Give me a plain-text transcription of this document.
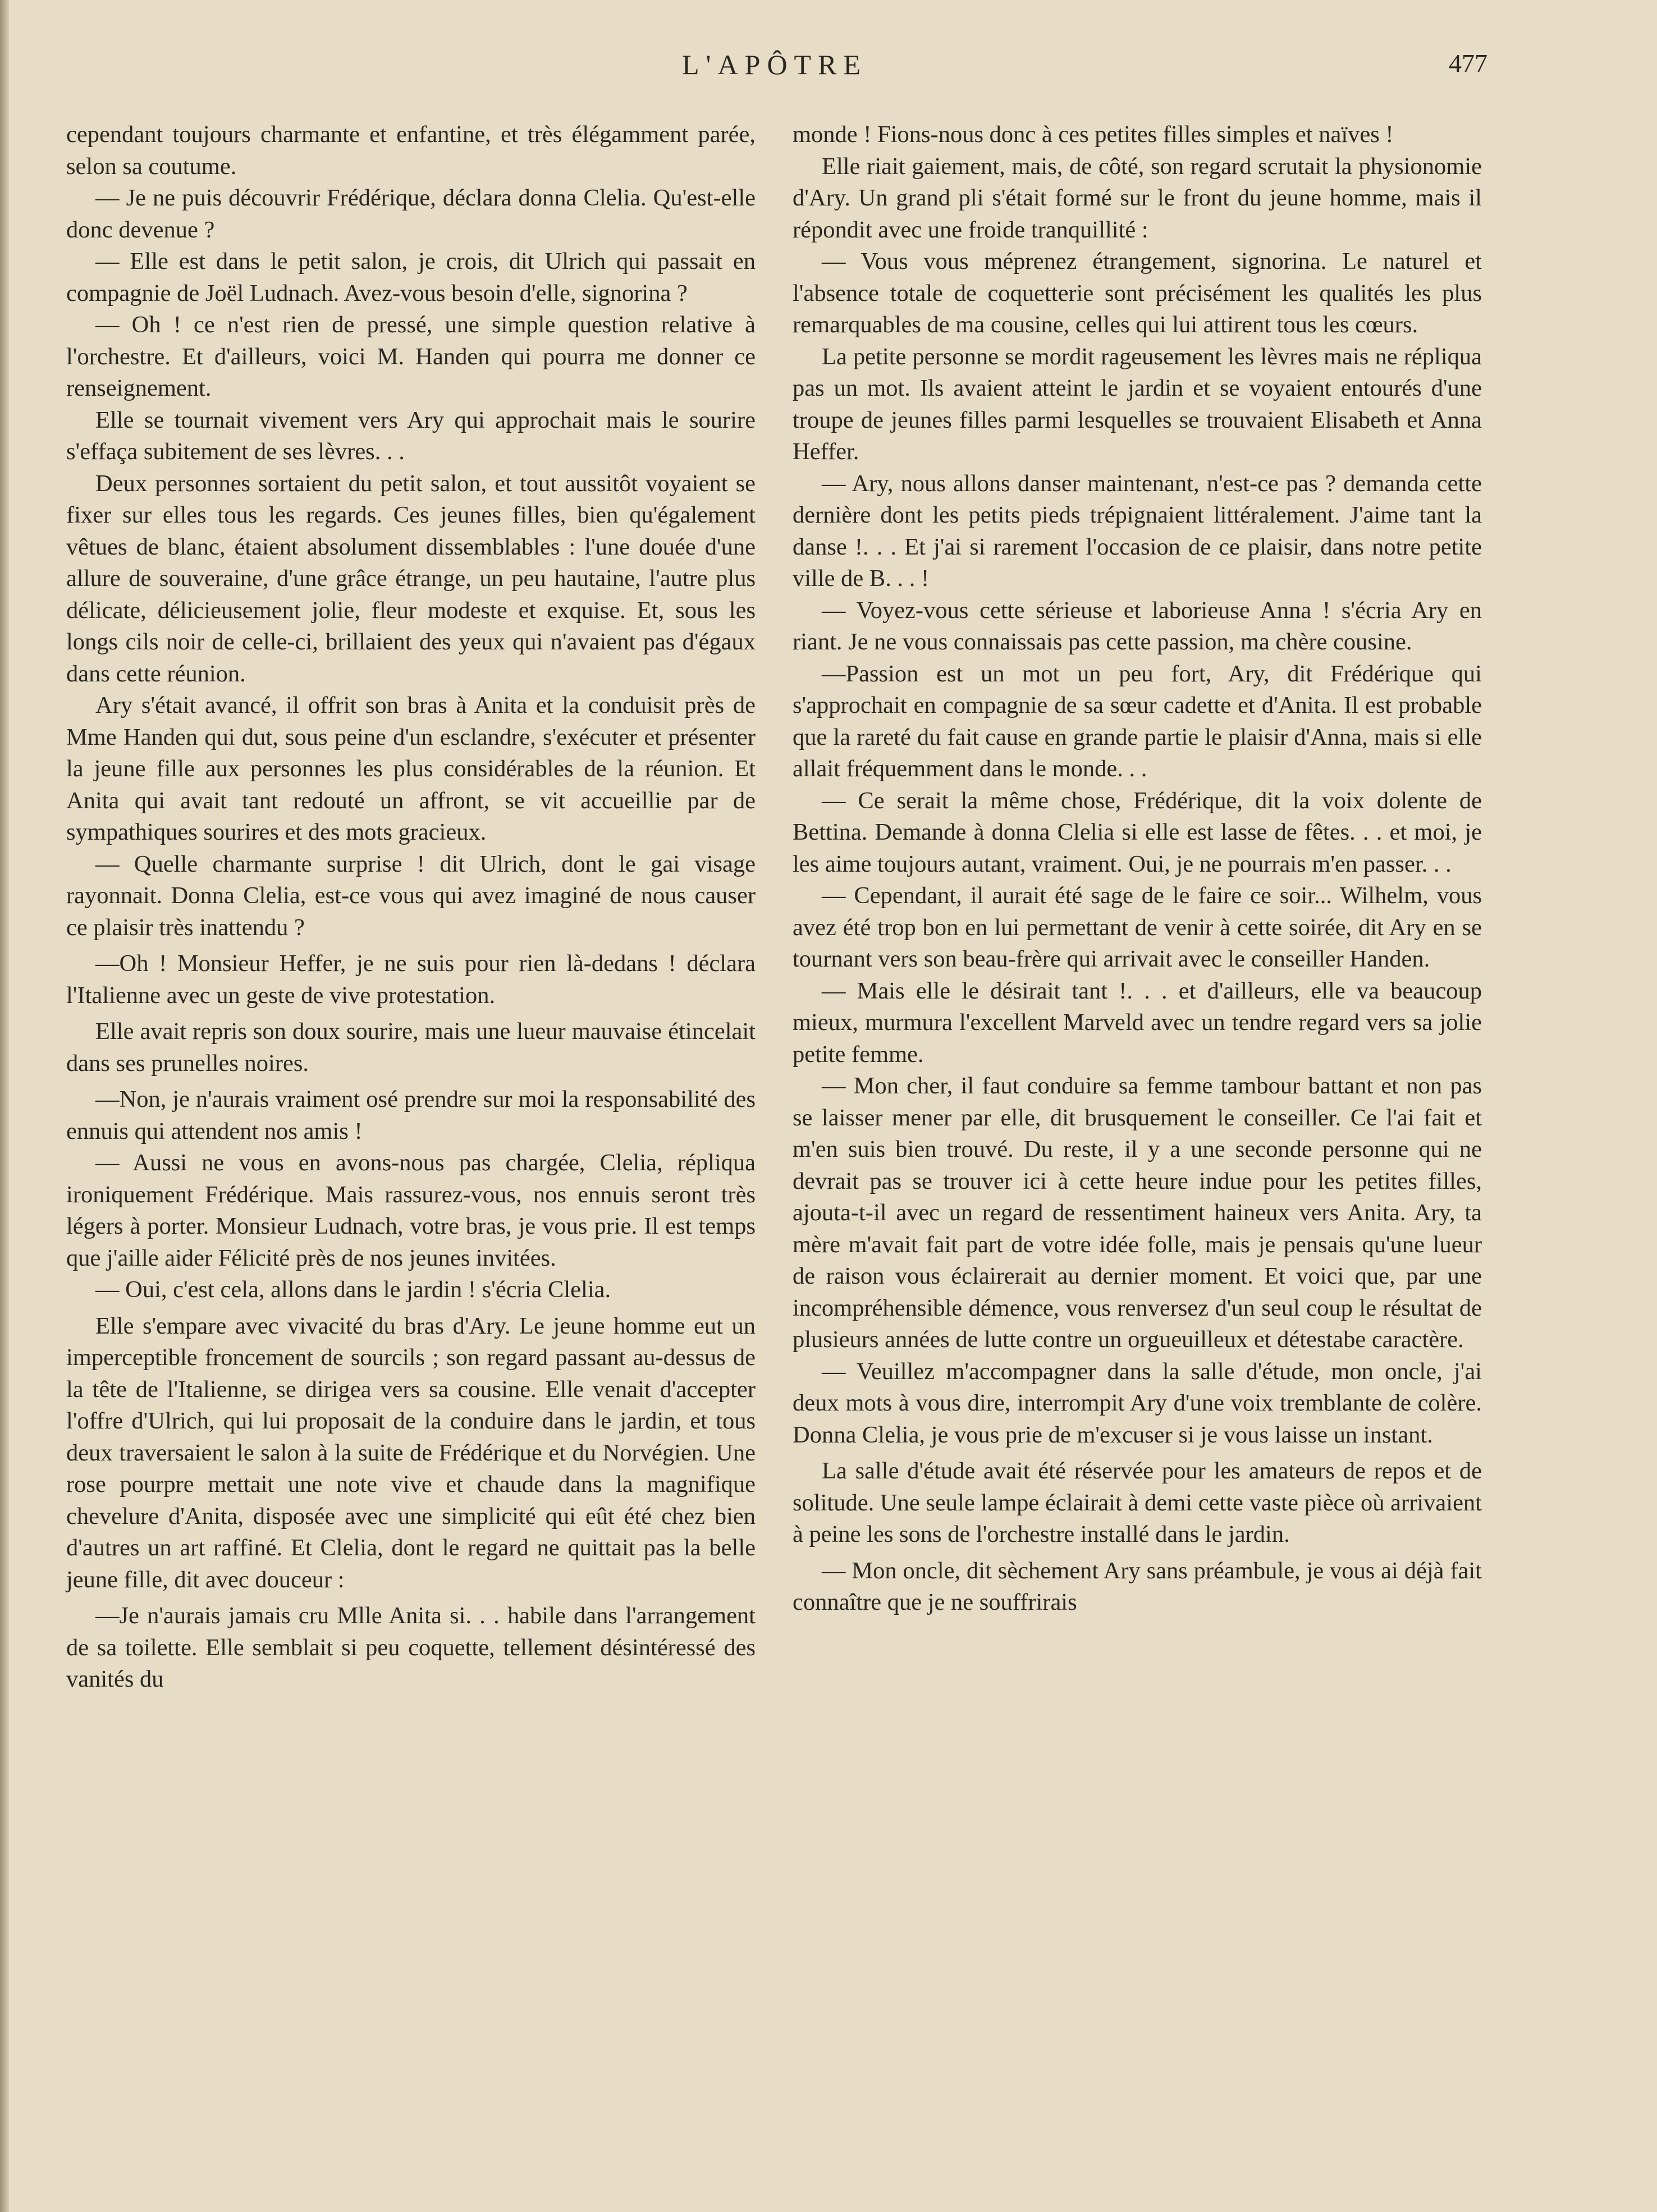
L'APÔTRE	477

cependant toujours charmante et enfantine, et très élégamment parée, selon sa coutume.

— Je ne puis découvrir Frédérique, déclara donna Clelia. Qu'est-elle donc devenue ?

— Elle est dans le petit salon, je crois, dit Ulrich qui passait en compagnie de Joël Ludnach. Avez-vous besoin d'elle, signorina ?

— Oh ! ce n'est rien de pressé, une simple question relative à l'orchestre. Et d'ailleurs, voici M. Handen qui pourra me donner ce renseignement.

Elle se tournait vivement vers Ary qui approchait mais le sourire s'effaça subitement de ses lèvres. . .

Deux personnes sortaient du petit salon, et tout aussitôt voyaient se fixer sur elles tous les regards. Ces jeunes filles, bien qu'également vêtues de blanc, étaient absolument dissemblables : l'une douée d'une allure de souveraine, d'une grâce étrange, un peu hautaine, l'autre plus délicate, délicieusement jolie, fleur modeste et exquise. Et, sous les longs cils noir de celle-ci, brillaient des yeux qui n'avaient pas d'égaux dans cette réunion.

Ary s'était avancé, il offrit son bras à Anita et la conduisit près de Mme Handen qui dut, sous peine d'un esclandre, s'exécuter et présenter la jeune fille aux personnes les plus considérables de la réunion. Et Anita qui avait tant redouté un affront, se vit accueillie par de sympathiques sourires et des mots gracieux.

— Quelle charmante surprise ! dit Ulrich, dont le gai visage rayonnait. Donna Clelia, est-ce vous qui avez imaginé de nous causer ce plaisir très inattendu ?

—Oh ! Monsieur Heffer, je ne suis pour rien là-dedans ! déclara l'Italienne avec un geste de vive protestation.

Elle avait repris son doux sourire, mais une lueur mauvaise étincelait dans ses prunelles noires.

—Non, je n'aurais vraiment osé prendre sur moi la responsabilité des ennuis qui attendent nos amis !

— Aussi ne vous en avons-nous pas chargée, Clelia, répliqua ironiquement Frédérique. Mais rassurez-vous, nos ennuis seront très légers à porter. Monsieur Ludnach, votre bras, je vous prie. Il est temps que j'aille aider Félicité près de nos jeunes invitées.

— Oui, c'est cela, allons dans le jardin ! s'écria Clelia.

Elle s'empare avec vivacité du bras d'Ary. Le jeune homme eut un imperceptible froncement de sourcils ; son regard passant au-dessus de la tête de l'Italienne, se dirigea vers sa cousine. Elle venait d'accepter l'offre d'Ulrich, qui lui proposait de la conduire dans le jardin, et tous deux traversaient le salon à la suite de Frédérique et du Norvégien. Une rose pourpre mettait une note vive et chaude dans la magnifique chevelure d'Anita, disposée avec une simplicité qui eût été chez bien d'autres un art raffiné. Et Clelia, dont le regard ne quittait pas la belle jeune fille, dit avec douceur :

—Je n'aurais jamais cru Mlle Anita si. . . habile dans l'arrangement de sa toilette. Elle semblait si peu coquette, tellement désintéressé des vanités du

monde ! Fions-nous donc à ces petites filles simples et naïves !

Elle riait gaiement, mais, de côté, son regard scrutait la physionomie d'Ary. Un grand pli s'était formé sur le front du jeune homme, mais il répondit avec une froide tranquillité :

— Vous vous méprenez étrangement, signorina. Le naturel et l'absence totale de coquetterie sont précisément les qualités les plus remarquables de ma cousine, celles qui lui attirent tous les cœurs.

La petite personne se mordit rageusement les lèvres mais ne répliqua pas un mot. Ils avaient atteint le jardin et se voyaient entourés d'une troupe de jeunes filles parmi lesquelles se trouvaient Elisabeth et Anna Heffer.

— Ary, nous allons danser maintenant, n'est-ce pas ? demanda cette dernière dont les petits pieds trépignaient littéralement. J'aime tant la danse !. . . Et j'ai si rarement l'occasion de ce plaisir, dans notre petite ville de B. . . !

— Voyez-vous cette sérieuse et laborieuse Anna ! s'écria Ary en riant. Je ne vous connaissais pas cette passion, ma chère cousine.

—Passion est un mot un peu fort, Ary, dit Frédérique qui s'approchait en compagnie de sa sœur cadette et d'Anita. Il est probable que la rareté du fait cause en grande partie le plaisir d'Anna, mais si elle allait fréquemment dans le monde. . .

— Ce serait la même chose, Frédérique, dit la voix dolente de Bettina. Demande à donna Clelia si elle est lasse de fêtes. . . et moi, je les aime toujours autant, vraiment. Oui, je ne pourrais m'en passer. . .

— Cependant, il aurait été sage de le faire ce soir... Wilhelm, vous avez été trop bon en lui permettant de venir à cette soirée, dit Ary en se tournant vers son beau-frère qui arrivait avec le conseiller Handen.

— Mais elle le désirait tant !. . . et d'ailleurs, elle va beaucoup mieux, murmura l'excellent Marveld avec un tendre regard vers sa jolie petite femme.

— Mon cher, il faut conduire sa femme tambour battant et non pas se laisser mener par elle, dit brusquement le conseiller. Ce l'ai fait et m'en suis bien trouvé. Du reste, il y a une seconde personne qui ne devrait pas se trouver ici à cette heure indue pour les petites filles, ajouta-t-il avec un regard de ressentiment haineux vers Anita. Ary, ta mère m'avait fait part de votre idée folle, mais je pensais qu'une lueur de raison vous éclairerait au dernier moment. Et voici que, par une incompréhensible démence, vous renversez d'un seul coup le résultat de plusieurs années de lutte contre un orgueuilleux et détestabe caractère.

— Veuillez m'accompagner dans la salle d'étude, mon oncle, j'ai deux mots à vous dire, interrompit Ary d'une voix tremblante de colère. Donna Clelia, je vous prie de m'excuser si je vous laisse un instant.

La salle d'étude avait été réservée pour les amateurs de repos et de solitude. Une seule lampe éclairait à demi cette vaste pièce où arrivaient à peine les sons de l'orchestre installé dans le jardin.

— Mon oncle, dit sèchement Ary sans préambule, je vous ai déjà fait connaître que je ne souffrirais
